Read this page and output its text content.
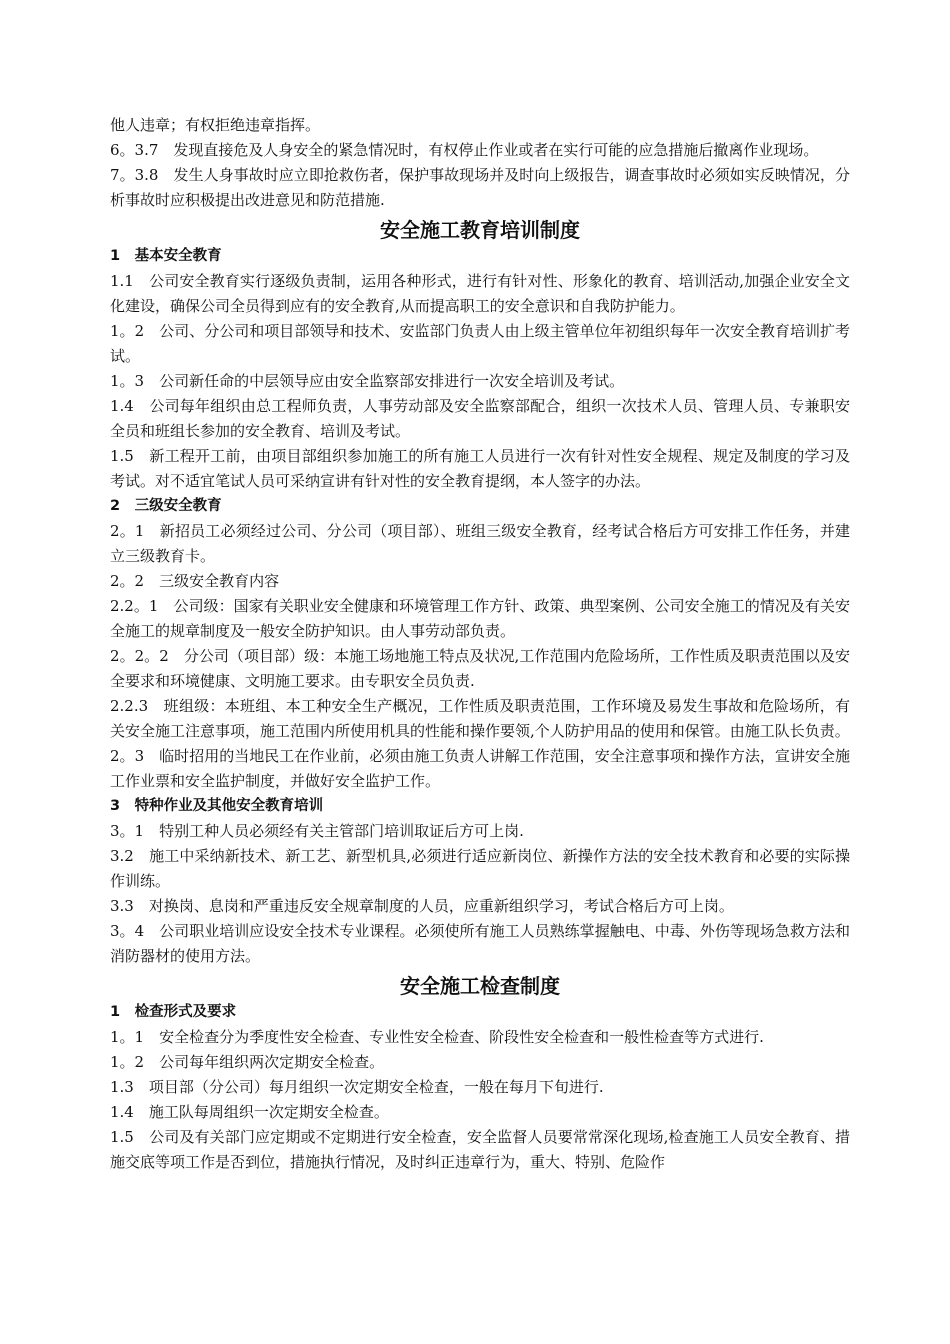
他人违章；有权拒绝违章指挥。
6。3.7　发现直接危及人身安全的紧急情况时，有权停止作业或者在实行可能的应急措施后撤离作业现场。
7。3.8　发生人身事故时应立即抢救伤者，保护事故现场并及时向上级报告，调查事故时必须如实反映情况，分析事故时应积极提出改进意见和防范措施.
安全施工教育培训制度
1　基本安全教育
1.1　公司安全教育实行逐级负责制，运用各种形式，进行有针对性、形象化的教育、培训活动,加强企业安全文化建设，确保公司全员得到应有的安全教育,从而提高职工的安全意识和自我防护能力。
1。2　公司、分公司和项目部领导和技术、安监部门负责人由上级主管单位年初组织每年一次安全教育培训扩考试。
1。3　公司新任命的中层领导应由安全监察部安排进行一次安全培训及考试。
1.4　公司每年组织由总工程师负责，人事劳动部及安全监察部配合，组织一次技术人员、管理人员、专兼职安全员和班组长参加的安全教育、培训及考试。
1.5　新工程开工前，由项目部组织参加施工的所有施工人员进行一次有针对性安全规程、规定及制度的学习及考试。对不适宜笔试人员可采纳宣讲有针对性的安全教育提纲，本人签字的办法。
2　三级安全教育
2。1　新招员工必须经过公司、分公司（项目部）、班组三级安全教育，经考试合格后方可安排工作任务，并建立三级教育卡。
2。2　三级安全教育内容
2.2。1　公司级：国家有关职业安全健康和环境管理工作方针、政策、典型案例、公司安全施工的情况及有关安全施工的规章制度及一般安全防护知识。由人事劳动部负责。
2。2。2　分公司（项目部）级：本施工场地施工特点及状况,工作范围内危险场所，工作性质及职责范围以及安全要求和环境健康、文明施工要求。由专职安全员负责.
2.2.3　班组级：本班组、本工种安全生产概况，工作性质及职责范围，工作环境及易发生事故和危险场所，有关安全施工注意事项，施工范围内所使用机具的性能和操作要领,个人防护用品的使用和保管。由施工队长负责。
2。3　临时招用的当地民工在作业前，必须由施工负责人讲解工作范围，安全注意事项和操作方法，宣讲安全施工作业票和安全监护制度，并做好安全监护工作。
3　特种作业及其他安全教育培训
3。1　特别工种人员必须经有关主管部门培训取证后方可上岗.
3.2　施工中采纳新技术、新工艺、新型机具,必须进行适应新岗位、新操作方法的安全技术教育和必要的实际操作训练。
3.3　对换岗、息岗和严重违反安全规章制度的人员，应重新组织学习，考试合格后方可上岗。
3。4　公司职业培训应设安全技术专业课程。必须使所有施工人员熟练掌握触电、中毒、外伤等现场急救方法和消防器材的使用方法。
安全施工检查制度
1　检查形式及要求
1。1　安全检查分为季度性安全检查、专业性安全检查、阶段性安全检查和一般性检查等方式进行.
1。2　公司每年组织两次定期安全检查。
1.3　项目部（分公司）每月组织一次定期安全检查，一般在每月下旬进行.
1.4　施工队每周组织一次定期安全检查。
1.5　公司及有关部门应定期或不定期进行安全检查，安全监督人员要常常深化现场,检查施工人员安全教育、措施交底等项工作是否到位，措施执行情况，及时纠正违章行为，重大、特别、危险作
